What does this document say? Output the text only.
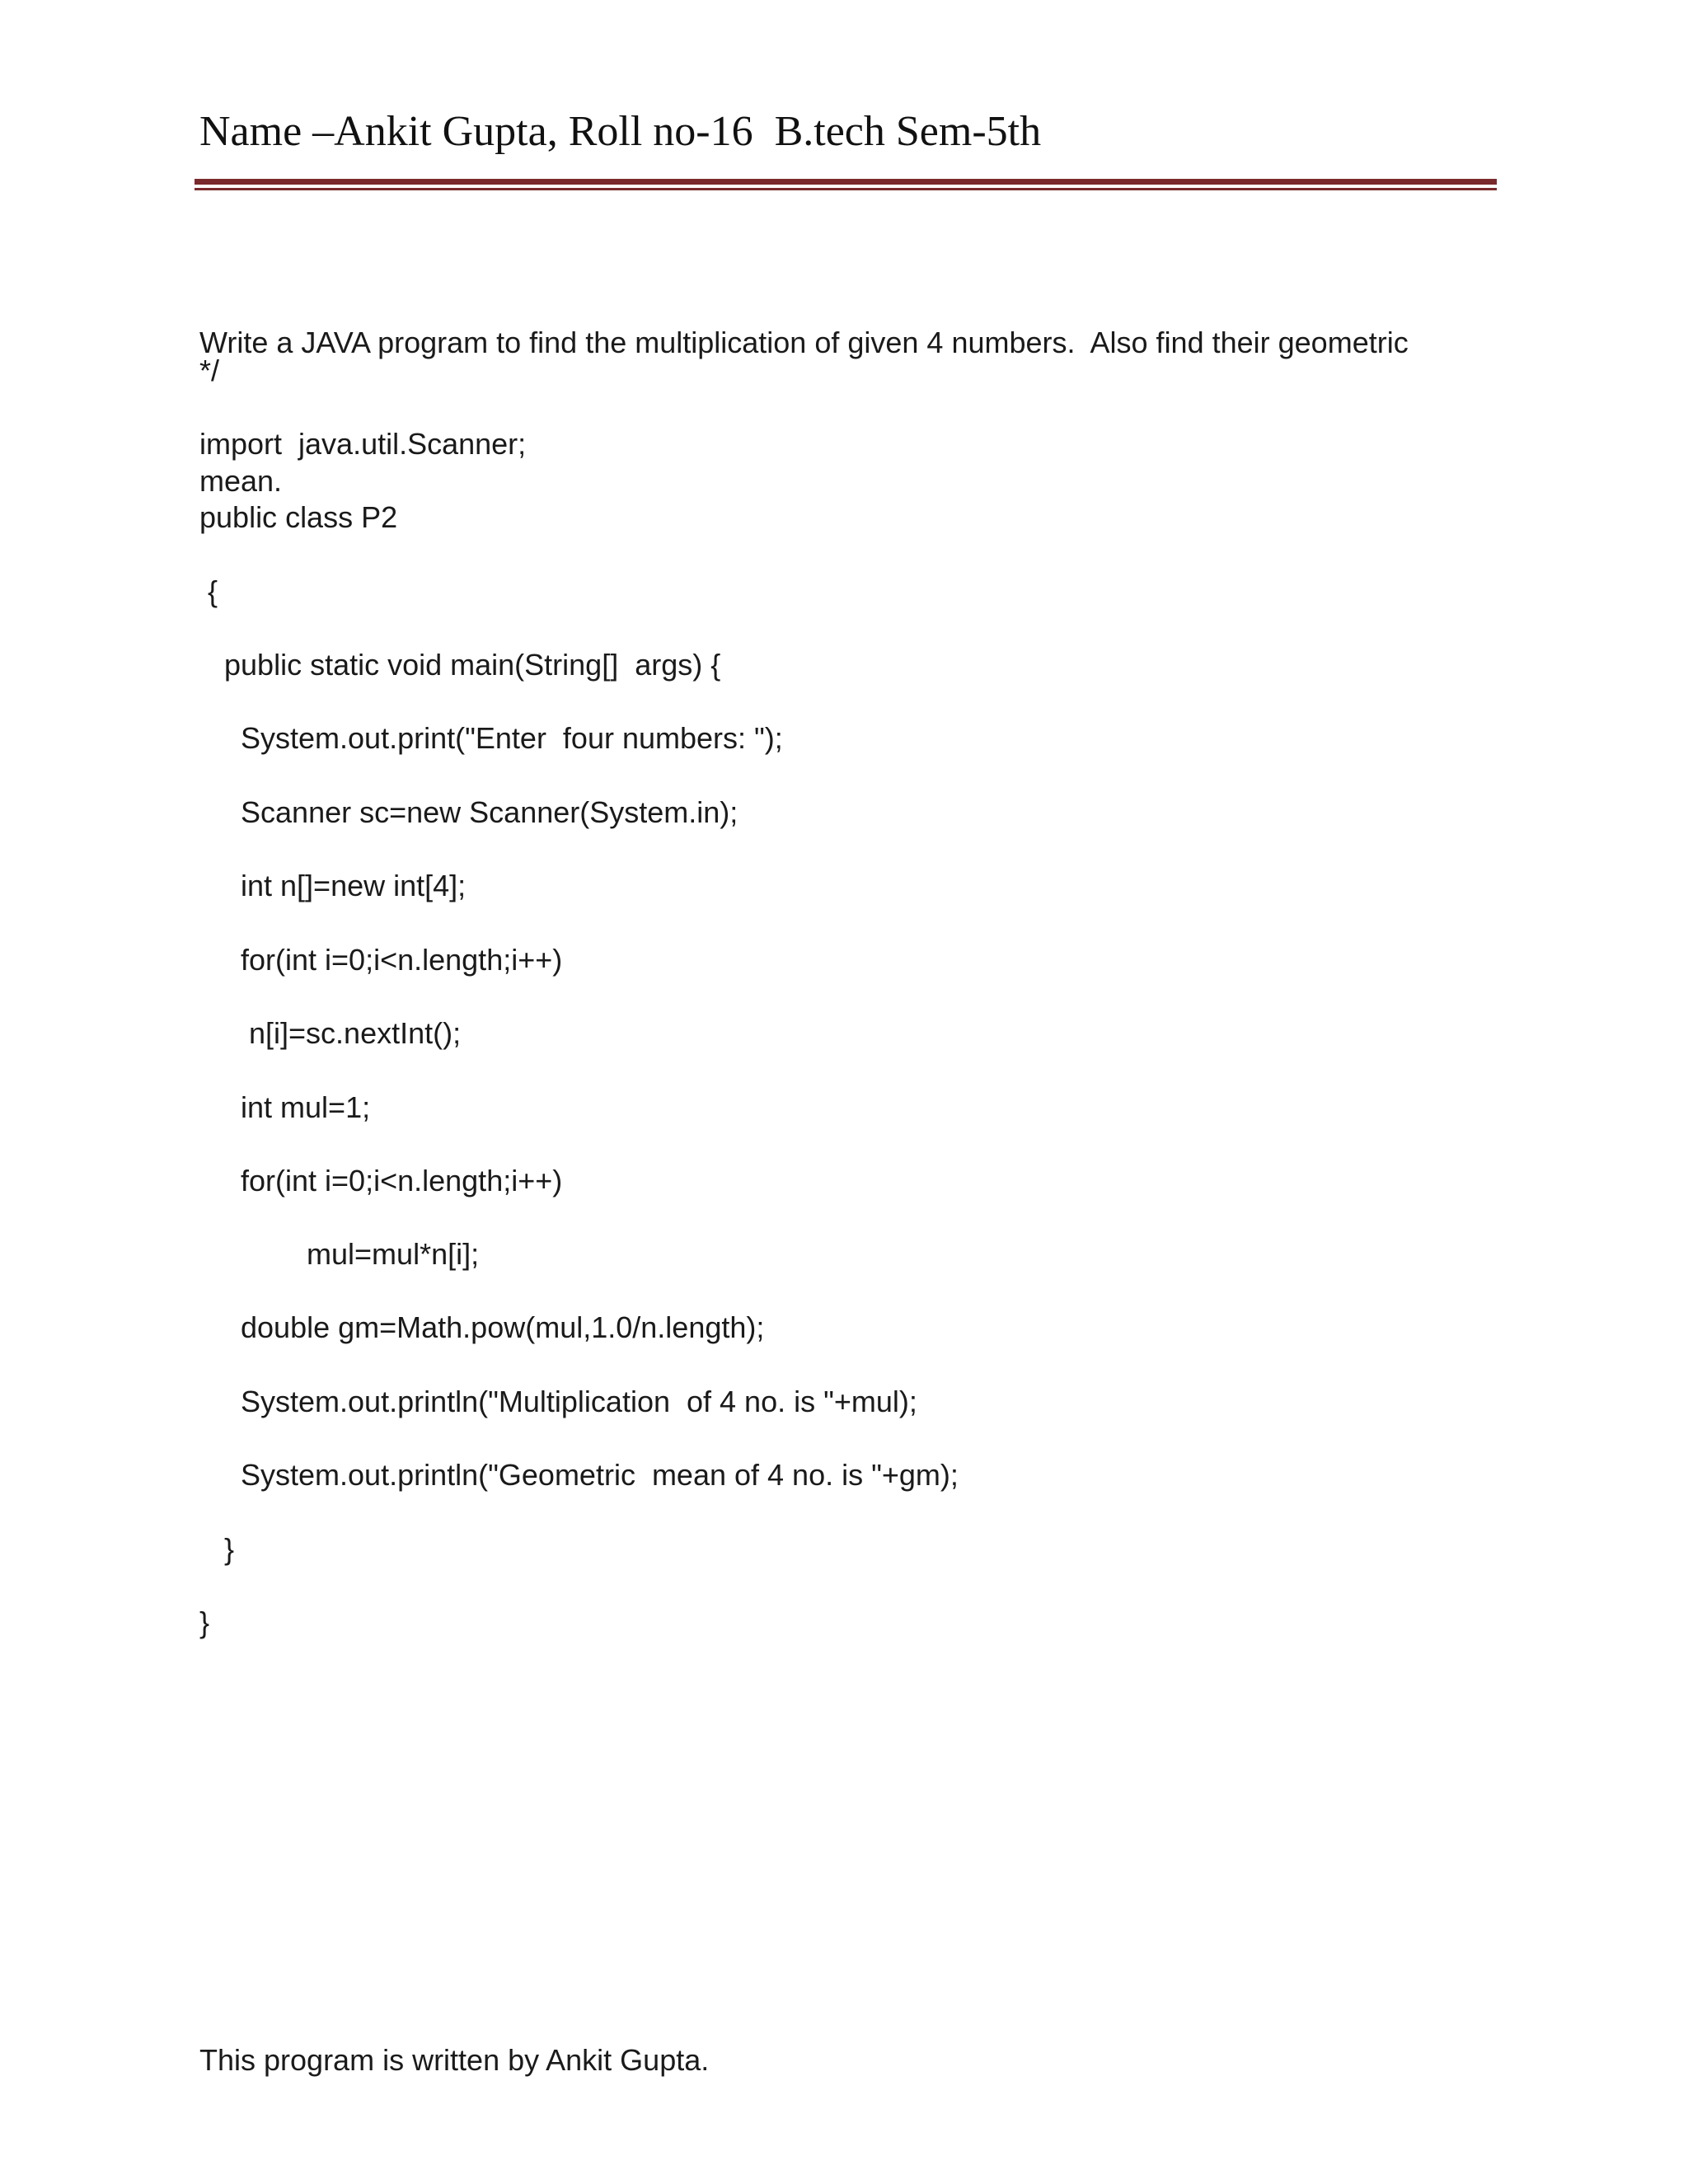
Name –Ankit Gupta, Roll no-16  B.tech Sem-5th

Write a JAVA program to find the multiplication of given 4 numbers.  Also find their geometric

mean.

*/
import  java.util.Scanner;
public class P2
{
public static void main(String[]  args) {
System.out.print("Enter  four numbers: ");
Scanner sc=new Scanner(System.in);
int n[]=new int[4];
for(int i=0;i<n.length;i++)
n[i]=sc.nextInt();
int mul=1;
for(int i=0;i<n.length;i++)
mul=mul*n[i];
double gm=Math.pow(mul,1.0/n.length);
System.out.println("Multiplication  of 4 no. is "+mul);
System.out.println("Geometric  mean of 4 no. is "+gm);
}
}
This program is written by Ankit Gupta.
